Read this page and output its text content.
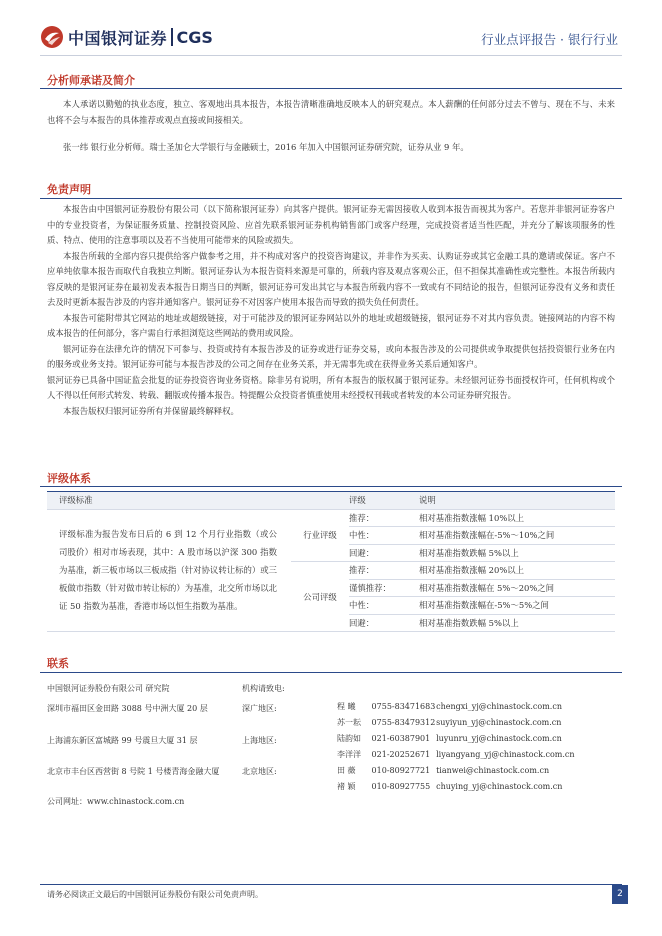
中国银河证券 CGS	行业点评报告 · 银行行业
分析师承诺及简介
本人承诺以勤勉的执业态度，独立、客观地出具本报告，本报告清晰准确地反映本人的研究观点。本人薪酬的任何部分过去不曾与、现在不与、未来也将不会与本报告的具体推荐或观点直接或间接相关。
张一纬 银行业分析师。瑞士圣加仑大学银行与金融硕士，2016 年加入中国银河证券研究院，证券从业 9 年。
免责声明
本报告由中国银河证券股份有限公司（以下简称银河证券）向其客户提供。银河证券无需因接收人收到本报告而视其为客户。若您并非银河证券客户中的专业投资者，为保证服务质量、控制投资风险、应首先联系银河证券机构销售部门或客户经理，完成投资者适当性匹配，并充分了解该项服务的性质、特点、使用的注意事项以及若不当使用可能带来的风险或损失。
本报告所载的全部内容只提供给客户做参考之用，并不构成对客户的投资咨询建议，并非作为买卖、认购证券或其它金融工具的邀请或保证。客户不应单纯依靠本报告而取代自我独立判断。银河证券认为本报告资料来源是可靠的，所载内容及观点客观公正，但不担保其准确性或完整性。本报告所载内容反映的是银河证券在最初发表本报告日期当日的判断，银河证券可发出其它与本报告所载内容不一致或有不同结论的报告，但银河证券没有义务和责任去及时更新本报告涉及的内容并通知客户。银河证券不对因客户使用本报告而导致的损失负任何责任。
本报告可能附带其它网站的地址或超级链接，对于可能涉及的银河证券网站以外的地址或超级链接，银河证券不对其内容负责。链接网站的内容不构成本报告的任何部分，客户需自行承担浏览这些网站的费用或风险。
银河证券在法律允许的情况下可参与、投资或持有本报告涉及的证券或进行证券交易，或向本报告涉及的公司提供或争取提供包括投资银行业务在内的服务或业务支持。银河证券可能与本报告涉及的公司之间存在业务关系，并无需事先或在获得业务关系后通知客户。
银河证券已具备中国证监会批复的证券投资咨询业务资格。除非另有说明，所有本报告的版权属于银河证券。未经银河证券书面授权许可，任何机构或个人不得以任何形式转发、转载、翻版或传播本报告。特提醒公众投资者慎重使用未经授权刊载或者转发的本公司证券研究报告。
本报告版权归银河证券所有并保留最终解释权。
评级体系
评级标准		评级	说明
评级标准为报告发布日后的 6 到 12 个月行业指数（或公司股价）相对市场表现，其中：A 股市场以沪深 300 指数为基准，新三板市场以三板成指（针对协议转让标的）或三板做市指数（针对做市转让标的）为基准，北交所市场以北证 50 指数为基准，香港市场以恒生指数为基准。	行业评级	推荐：	相对基准指数涨幅 10%以上
		中性：	相对基准指数涨幅在-5%～10%之间
		回避：	相对基准指数跌幅 5%以上
	公司评级	推荐：	相对基准指数涨幅 20%以上
		谨慎推荐：	相对基准指数涨幅在 5%～20%之间
		中性：	相对基准指数涨幅在-5%～5%之间
		回避：	相对基准指数跌幅 5%以上
联系
中国银河证券股份有限公司 研究院	机构请致电:
深圳市福田区金田路 3088 号中洲大厦 20 层	深广地区:
上海浦东新区富城路 99 号震旦大厦 31 层	上海地区:
北京市丰台区西营街 8 号院 1 号楼青海金融大厦	北京地区:
程 曦 0755-83471683 chengxi_yj@chinastock.com.cn
苏一耘 0755-83479312 suyiyun_yj@chinastock.com.cn
陆韵如 021-60387901 luyunru_yj@chinastock.com.cn
李洋洋 021-20252671 liyangyang_yj@chinastock.com.cn
田 薇 010-80927721 tianwei@chinastock.com.cn
褚 颖 010-80927755 chuying_yj@chinastock.com.cn
公司网址：www.chinastock.com.cn
请务必阅读正文最后的中国银河证券股份有限公司免责声明。	2
